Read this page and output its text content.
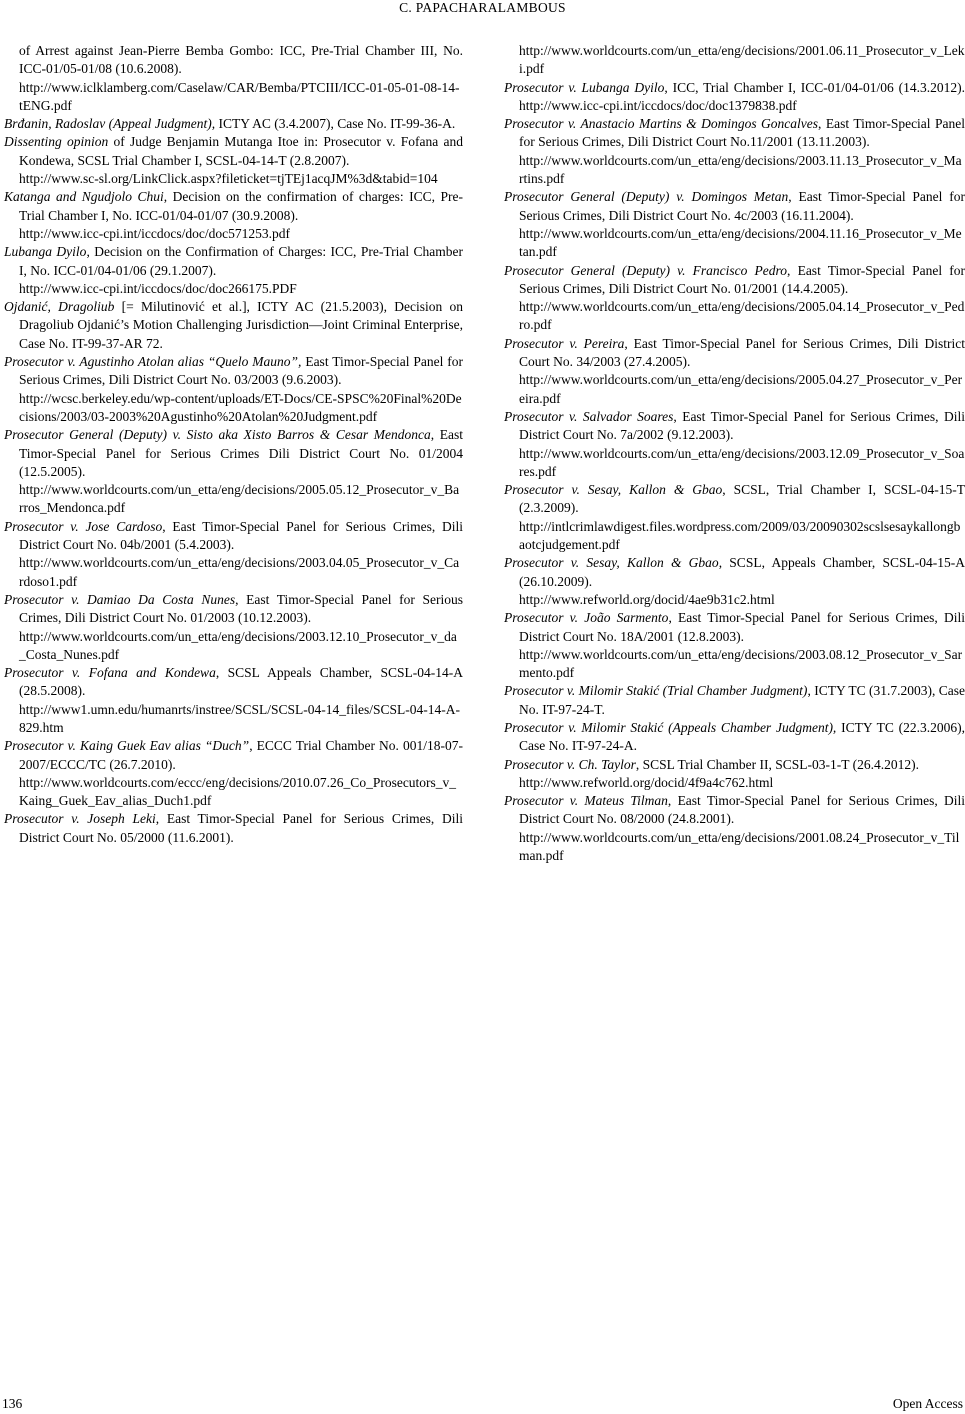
C. PAPACHARALAMBOUS
of Arrest against Jean-Pierre Bemba Gombo: ICC, Pre-Trial Chamber III, No. ICC-01/05-01/08 (10.6.2008).
http://www.iclklamberg.com/Caselaw/CAR/Bemba/PTCIII/ICC-01-05-01-08-14-tENG.pdf
Brđanin, Radoslav (Appeal Judgment), ICTY AC (3.4.2007), Case No. IT-99-36-A.
Dissenting opinion of Judge Benjamin Mutanga Itoe in: Prosecutor v. Fofana and Kondewa, SCSL Trial Chamber I, SCSL-04-14-T (2.8.2007).
http://www.sc-sl.org/LinkClick.aspx?fileticket=tjTEj1acqJM%3d&tabid=104
Katanga and Ngudjolo Chui, Decision on the confirmation of charges: ICC, Pre-Trial Chamber I, No. ICC-01/04-01/07 (30.9.2008).
http://www.icc-cpi.int/iccdocs/doc/doc571253.pdf
Lubanga Dyilo, Decision on the Confirmation of Charges: ICC, Pre-Trial Chamber I, No. ICC-01/04-01/06 (29.1.2007).
http://www.icc-cpi.int/iccdocs/doc/doc266175.PDF
Ojdanić, Dragoliub [= Milutinović et al.], ICTY AC (21.5.2003), Decision on Dragoliub Ojdanić’s Motion Challenging Jurisdiction—Joint Criminal Enterprise, Case No. IT-99-37-AR 72.
Prosecutor v. Agustinho Atolan alias “Quelo Mauno”, East Timor-Special Panel for Serious Crimes, Dili District Court No. 03/2003 (9.6.2003).
http://wcsc.berkeley.edu/wp-content/uploads/ET-Docs/CE-SPSC%20Final%20Decisions/2003/03-2003%20Agustinho%20Atolan%20Judgment.pdf
Prosecutor General (Deputy) v. Sisto aka Xisto Barros & Cesar Mendonca, East Timor-Special Panel for Serious Crimes Dili District Court No. 01/2004 (12.5.2005).
http://www.worldcourts.com/un_etta/eng/decisions/2005.05.12_Prosecutor_v_Barros_Mendonca.pdf
Prosecutor v. Jose Cardoso, East Timor-Special Panel for Serious Crimes, Dili District Court No. 04b/2001 (5.4.2003).
http://www.worldcourts.com/un_etta/eng/decisions/2003.04.05_Prosecutor_v_Cardoso1.pdf
Prosecutor v. Damiao Da Costa Nunes, East Timor-Special Panel for Serious Crimes, Dili District Court No. 01/2003 (10.12.2003).
http://www.worldcourts.com/un_etta/eng/decisions/2003.12.10_Prosecutor_v_da_Costa_Nunes.pdf
Prosecutor v. Fofana and Kondewa, SCSL Appeals Chamber, SCSL-04-14-A (28.5.2008).
http://www1.umn.edu/humanrts/instree/SCSL/SCSL-04-14_files/SCSL-04-14-A-829.htm
Prosecutor v. Kaing Guek Eav alias “Duch”, ECCC Trial Chamber No. 001/18-07-2007/ECCC/TC (26.7.2010).
http://www.worldcourts.com/eccc/eng/decisions/2010.07.26_Co_Prosecutors_v_Kaing_Guek_Eav_alias_Duch1.pdf
Prosecutor v. Joseph Leki, East Timor-Special Panel for Serious Crimes, Dili District Court No. 05/2000 (11.6.2001).
http://www.worldcourts.com/un_etta/eng/decisions/2001.06.11_Prosecutor_v_Leki.pdf
Prosecutor v. Lubanga Dyilo, ICC, Trial Chamber I, ICC-01/04-01/06 (14.3.2012). http://www.icc-cpi.int/iccdocs/doc/doc1379838.pdf
Prosecutor v. Anastacio Martins & Domingos Goncalves, East Timor-Special Panel for Serious Crimes, Dili District Court No.11/2001 (13.11.2003).
http://www.worldcourts.com/un_etta/eng/decisions/2003.11.13_Prosecutor_v_Martins.pdf
Prosecutor General (Deputy) v. Domingos Metan, East Timor-Special Panel for Serious Crimes, Dili District Court No. 4c/2003 (16.11.2004).
http://www.worldcourts.com/un_etta/eng/decisions/2004.11.16_Prosecutor_v_Metan.pdf
Prosecutor General (Deputy) v. Francisco Pedro, East Timor-Special Panel for Serious Crimes, Dili District Court No. 01/2001 (14.4.2005).
http://www.worldcourts.com/un_etta/eng/decisions/2005.04.14_Prosecutor_v_Pedro.pdf
Prosecutor v. Pereira, East Timor-Special Panel for Serious Crimes, Dili District Court No. 34/2003 (27.4.2005).
http://www.worldcourts.com/un_etta/eng/decisions/2005.04.27_Prosecutor_v_Pereira.pdf
Prosecutor v. Salvador Soares, East Timor-Special Panel for Serious Crimes, Dili District Court No. 7a/2002 (9.12.2003).
http://www.worldcourts.com/un_etta/eng/decisions/2003.12.09_Prosecutor_v_Soares.pdf
Prosecutor v. Sesay, Kallon & Gbao, SCSL, Trial Chamber I, SCSL-04-15-T (2.3.2009).
http://intlcrimlawdigest.files.wordpress.com/2009/03/20090302scslsesaykallongbaotcjudgement.pdf
Prosecutor v. Sesay, Kallon & Gbao, SCSL, Appeals Chamber, SCSL-04-15-A (26.10.2009).
http://www.refworld.org/docid/4ae9b31c2.html
Prosecutor v. João Sarmento, East Timor-Special Panel for Serious Crimes, Dili District Court No. 18A/2001 (12.8.2003).
http://www.worldcourts.com/un_etta/eng/decisions/2003.08.12_Prosecutor_v_Sarmento.pdf
Prosecutor v. Milomir Stakić (Trial Chamber Judgment), ICTY TC (31.7.2003), Case No. IT-97-24-T.
Prosecutor v. Milomir Stakić (Appeals Chamber Judgment), ICTY TC (22.3.2006), Case No. IT-97-24-A.
Prosecutor v. Ch. Taylor, SCSL Trial Chamber II, SCSL-03-1-T (26.4.2012).
http://www.refworld.org/docid/4f9a4c762.html
Prosecutor v. Mateus Tilman, East Timor-Special Panel for Serious Crimes, Dili District Court No. 08/2000 (24.8.2001).
http://www.worldcourts.com/un_etta/eng/decisions/2001.08.24_Prosecutor_v_Tilman.pdf
136	Open Access
